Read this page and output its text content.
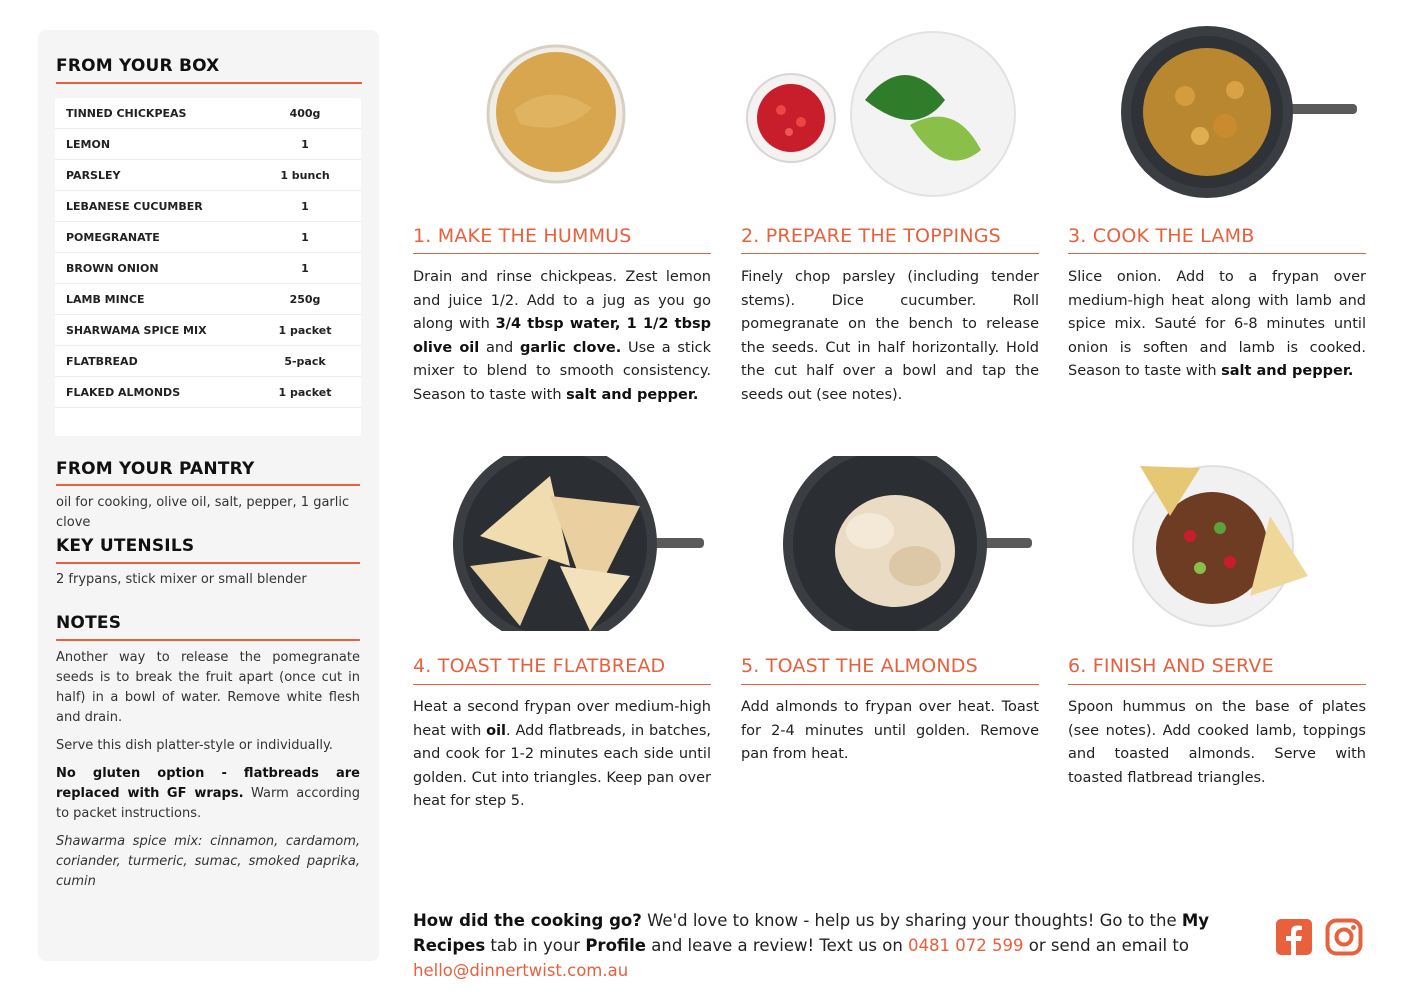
FROM YOUR BOX
TINNED CHICKPEAS	400g
LEMON	1
PARSLEY	1 bunch
LEBANESE CUCUMBER	1
POMEGRANATE	1
BROWN ONION	1
LAMB MINCE	250g
SHARWAMA SPICE MIX	1 packet
FLATBREAD	5-pack
FLAKED ALMONDS	1 packet
FROM YOUR PANTRY
oil for cooking, olive oil, salt, pepper, 1 garlic clove
KEY UTENSILS
2 frypans, stick mixer or small blender
NOTES

Another way to release the pomegranate seeds is to break the fruit apart (once cut in half) in a bowl of water. Remove white flesh and drain.

Serve this dish platter-style or individually.

No gluten option - flatbreads are replaced with GF wraps. Warm according to packet instructions.

Shawarma spice mix: cinnamon, cardamom, coriander, turmeric, sumac, smoked paprika, cumin

1. MAKE THE HUMMUS
Drain and rinse chickpeas. Zest lemon and juice 1/2. Add to a jug as you go along with 3/4 tbsp water, 1 1/2 tbsp olive oil and garlic clove. Use a stick mixer to blend to smooth consistency. Season to taste with salt and pepper.
2. PREPARE THE TOPPINGS
Finely chop parsley (including tender stems). Dice cucumber. Roll pomegranate on the bench to release the seeds. Cut in half horizontally. Hold the cut half over a bowl and tap the seeds out (see notes).
3. COOK THE LAMB
Slice onion. Add to a frypan over medium-high heat along with lamb and spice mix. Sauté for 6-8 minutes until onion is soften and lamb is cooked. Season to taste with salt and pepper.
4. TOAST THE FLATBREAD
Heat a second frypan over medium-high heat with oil. Add flatbreads, in batches, and cook for 1-2 minutes each side until golden. Cut into triangles. Keep pan over heat for step 5.
5. TOAST THE ALMONDS
Add almonds to frypan over heat. Toast for 2-4 minutes until golden. Remove pan from heat.
6. FINISH AND SERVE
Spoon hummus on the base of plates (see notes). Add cooked lamb, toppings and toasted almonds. Serve with toasted flatbread triangles.
How did the cooking go? We'd love to know - help us by sharing your thoughts! Go to the My Recipes tab in your Profile and leave a review! Text us on 0481 072 599 or send an email to hello@dinnertwist.com.au
